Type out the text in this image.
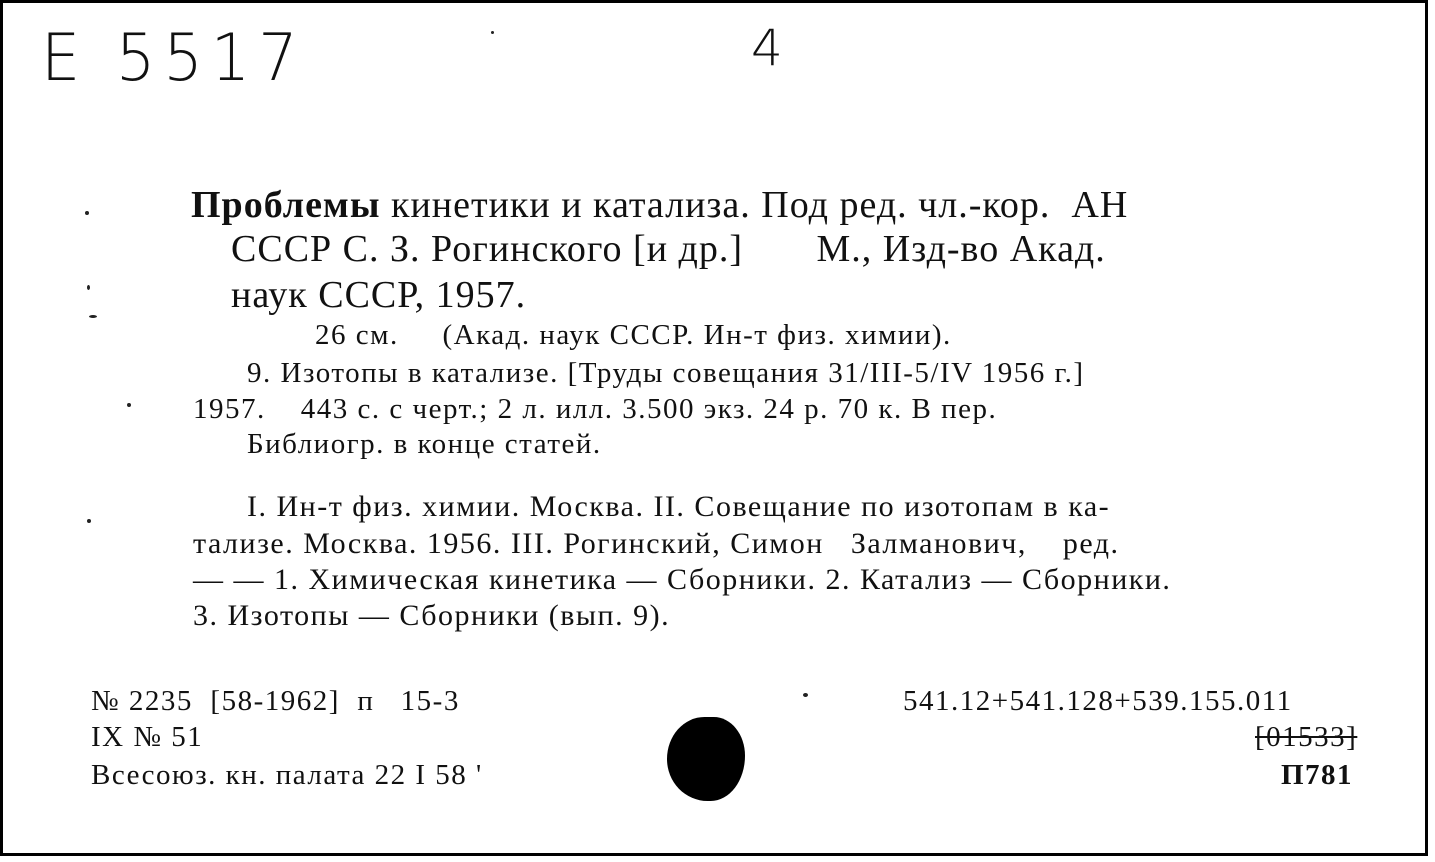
E 5517	4
Проблемы кинетики и катализа. Под ред. чл.-кор.  АН
СССР С. З. Рогинского [и др.]       М., Изд-во Акад.
наук СССР, 1957.
26 см.     (Акад. наук СССР. Ин-т физ. химии).
9. Изотопы в катализе. [Труды совещания 31/III-5/IV 1956 г.]
1957.    443 с. с черт.; 2 л. илл. 3.500 экз. 24 р. 70 к. В пер.
Библиогр. в конце статей.
I. Ин-т физ. химии. Москва. II. Совещание по изотопам в ка-
тализе. Москва. 1956. III. Рогинский, Симон   Залманович,    ред.
— — 1. Химическая кинетика — Сборники. 2. Катализ — Сборники.
3. Изотопы — Сборники (вып. 9).
№ 2235  [58-1962]  п   15-3
IX № 51
Всесоюз. кн. палата 22 I 58 '
541.12+541.128+539.155.011
[01533]
П781
